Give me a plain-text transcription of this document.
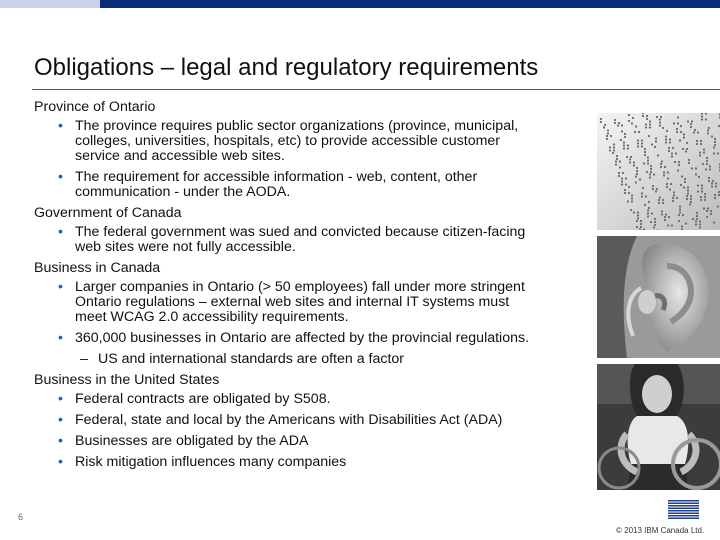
Obligations – legal and regulatory requirements
Province of Ontario
• The province requires public sector organizations (province, municipal,
colleges, universities, hospitals, etc) to provide accessible customer
service and accessible web sites.
• The requirement for accessible information - web, content, other
communication - under the AODA.
Government of Canada
• The federal government was sued and convicted because citizen-facing
web sites were not fully accessible.
Business in Canada
• Larger companies in Ontario (> 50 employees) fall under more stringent
Ontario regulations – external web sites and internal IT systems must
meet WCAG 2.0 accessibility requirements.
• 360,000 businesses in Ontario are affected by the provincial regulations.
– US and international standards are often a factor
Business in the United States
• Federal contracts are obligated by S508.
• Federal, state and local by the Americans with Disabilities Act (ADA)
• Businesses are obligated by the ADA
• Risk mitigation influences many companies
6
© 2013 IBM Canada Ltd.
